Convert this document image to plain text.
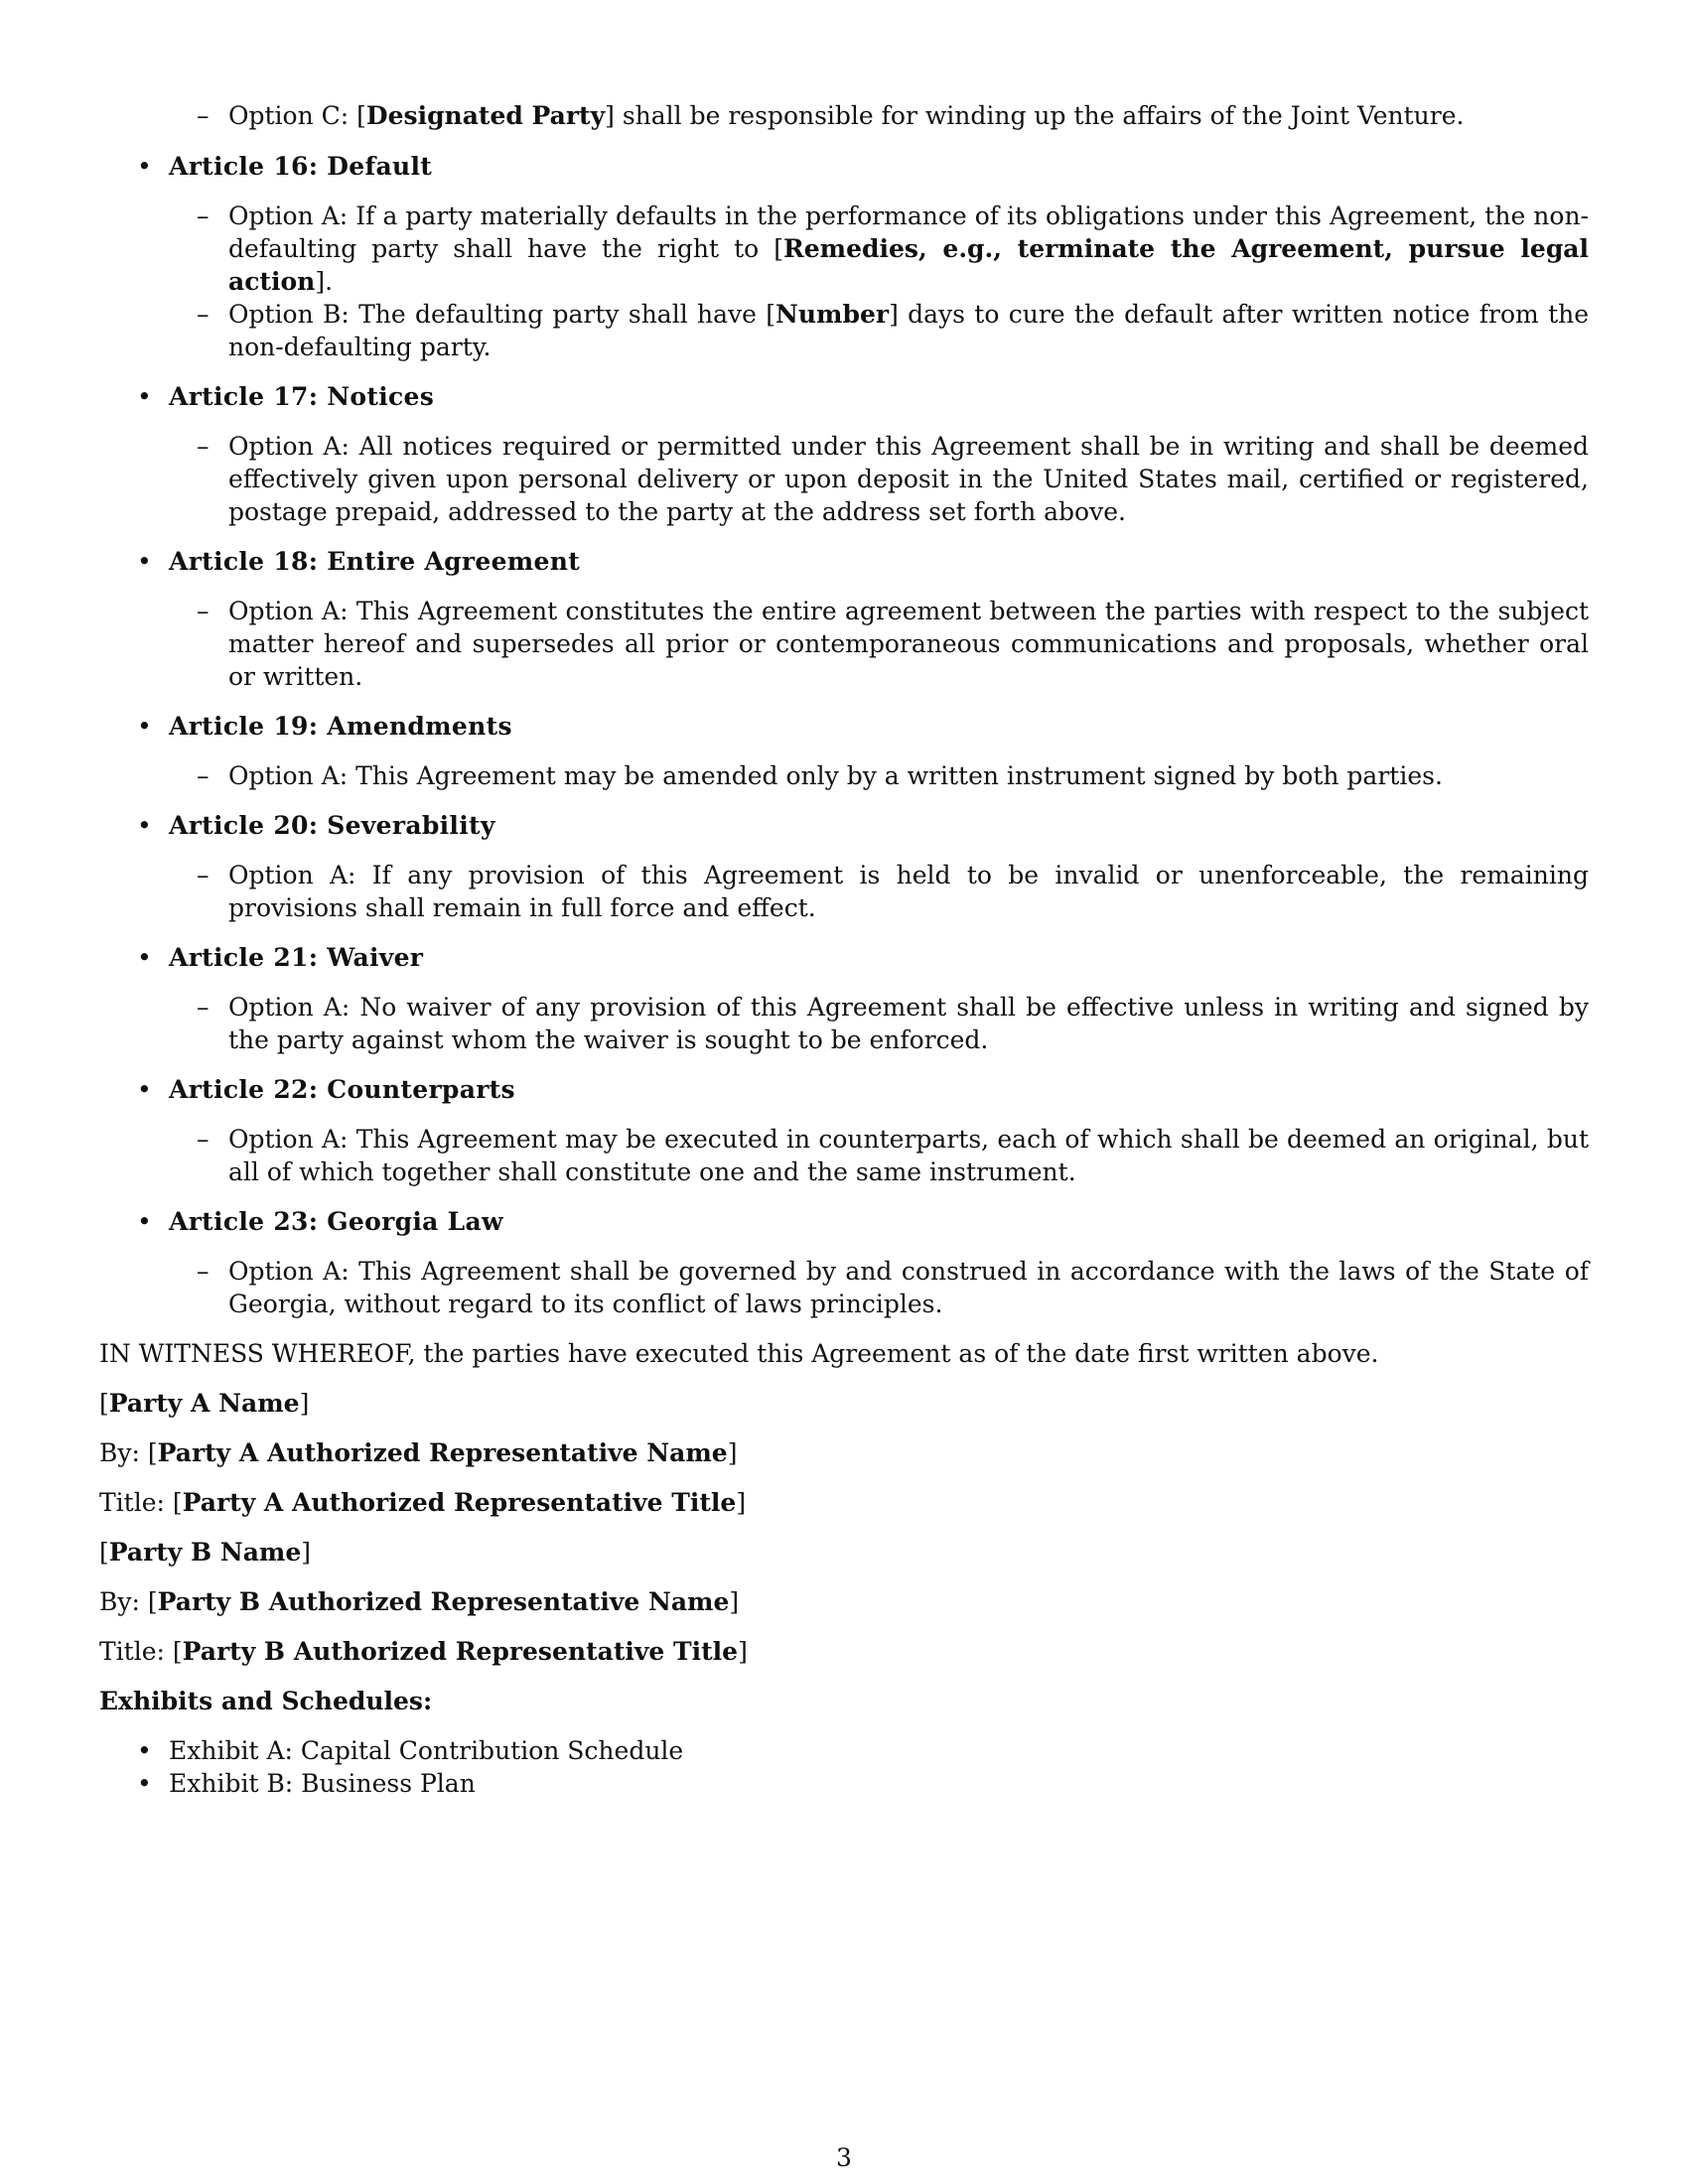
– Option C: [Designated Party] shall be responsible for winding up the affairs of the Joint Venture.

• Article 16: Default

– Option A: If a party materially defaults in the performance of its obligations under this Agreement, the non-defaulting party shall have the right to [Remedies, e.g., terminate the Agreement, pursue legal action].

– Option B: The defaulting party shall have [Number] days to cure the default after written notice from the non-defaulting party.

• Article 17: Notices

– Option A: All notices required or permitted under this Agreement shall be in writing and shall be deemed effectively given upon personal delivery or upon deposit in the United States mail, certified or registered, postage prepaid, addressed to the party at the address set forth above.

• Article 18: Entire Agreement

– Option A: This Agreement constitutes the entire agreement between the parties with respect to the subject matter hereof and supersedes all prior or contemporaneous communications and proposals, whether oral or written.

• Article 19: Amendments

– Option A: This Agreement may be amended only by a written instrument signed by both parties.

• Article 20: Severability

– Option A: If any provision of this Agreement is held to be invalid or unenforceable, the remaining provisions shall remain in full force and effect.

• Article 21: Waiver

– Option A: No waiver of any provision of this Agreement shall be effective unless in writing and signed by the party against whom the waiver is sought to be enforced.

• Article 22: Counterparts

– Option A: This Agreement may be executed in counterparts, each of which shall be deemed an original, but all of which together shall constitute one and the same instrument.

• Article 23: Georgia Law

– Option A: This Agreement shall be governed by and construed in accordance with the laws of the State of Georgia, without regard to its conflict of laws principles.

IN WITNESS WHEREOF, the parties have executed this Agreement as of the date first written above.

[Party A Name]

By: [Party A Authorized Representative Name]

Title: [Party A Authorized Representative Title]

[Party B Name]

By: [Party B Authorized Representative Name]

Title: [Party B Authorized Representative Title]

Exhibits and Schedules:

• Exhibit A: Capital Contribution Schedule

• Exhibit B: Business Plan

3
